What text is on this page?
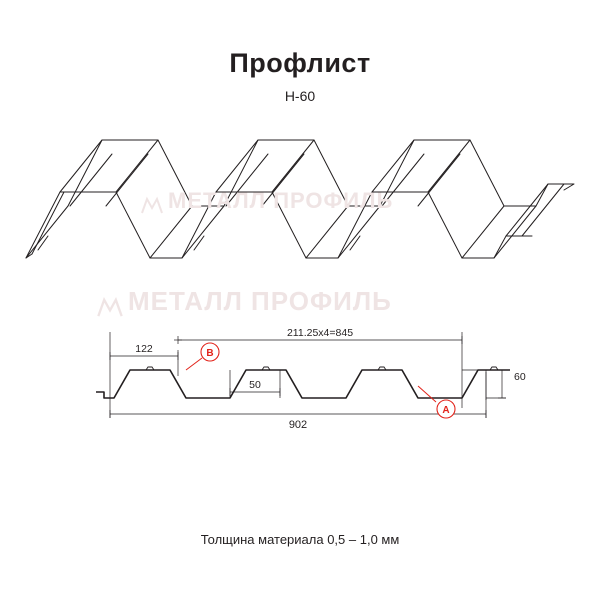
Профлист
Н-60
МЕТАЛЛ ПРОФИЛЬ
МЕТАЛЛ ПРОФИЛЬ
B
A
211.25x4=845
122
50
902
60
Толщина материала 0,5 – 1,0 мм
